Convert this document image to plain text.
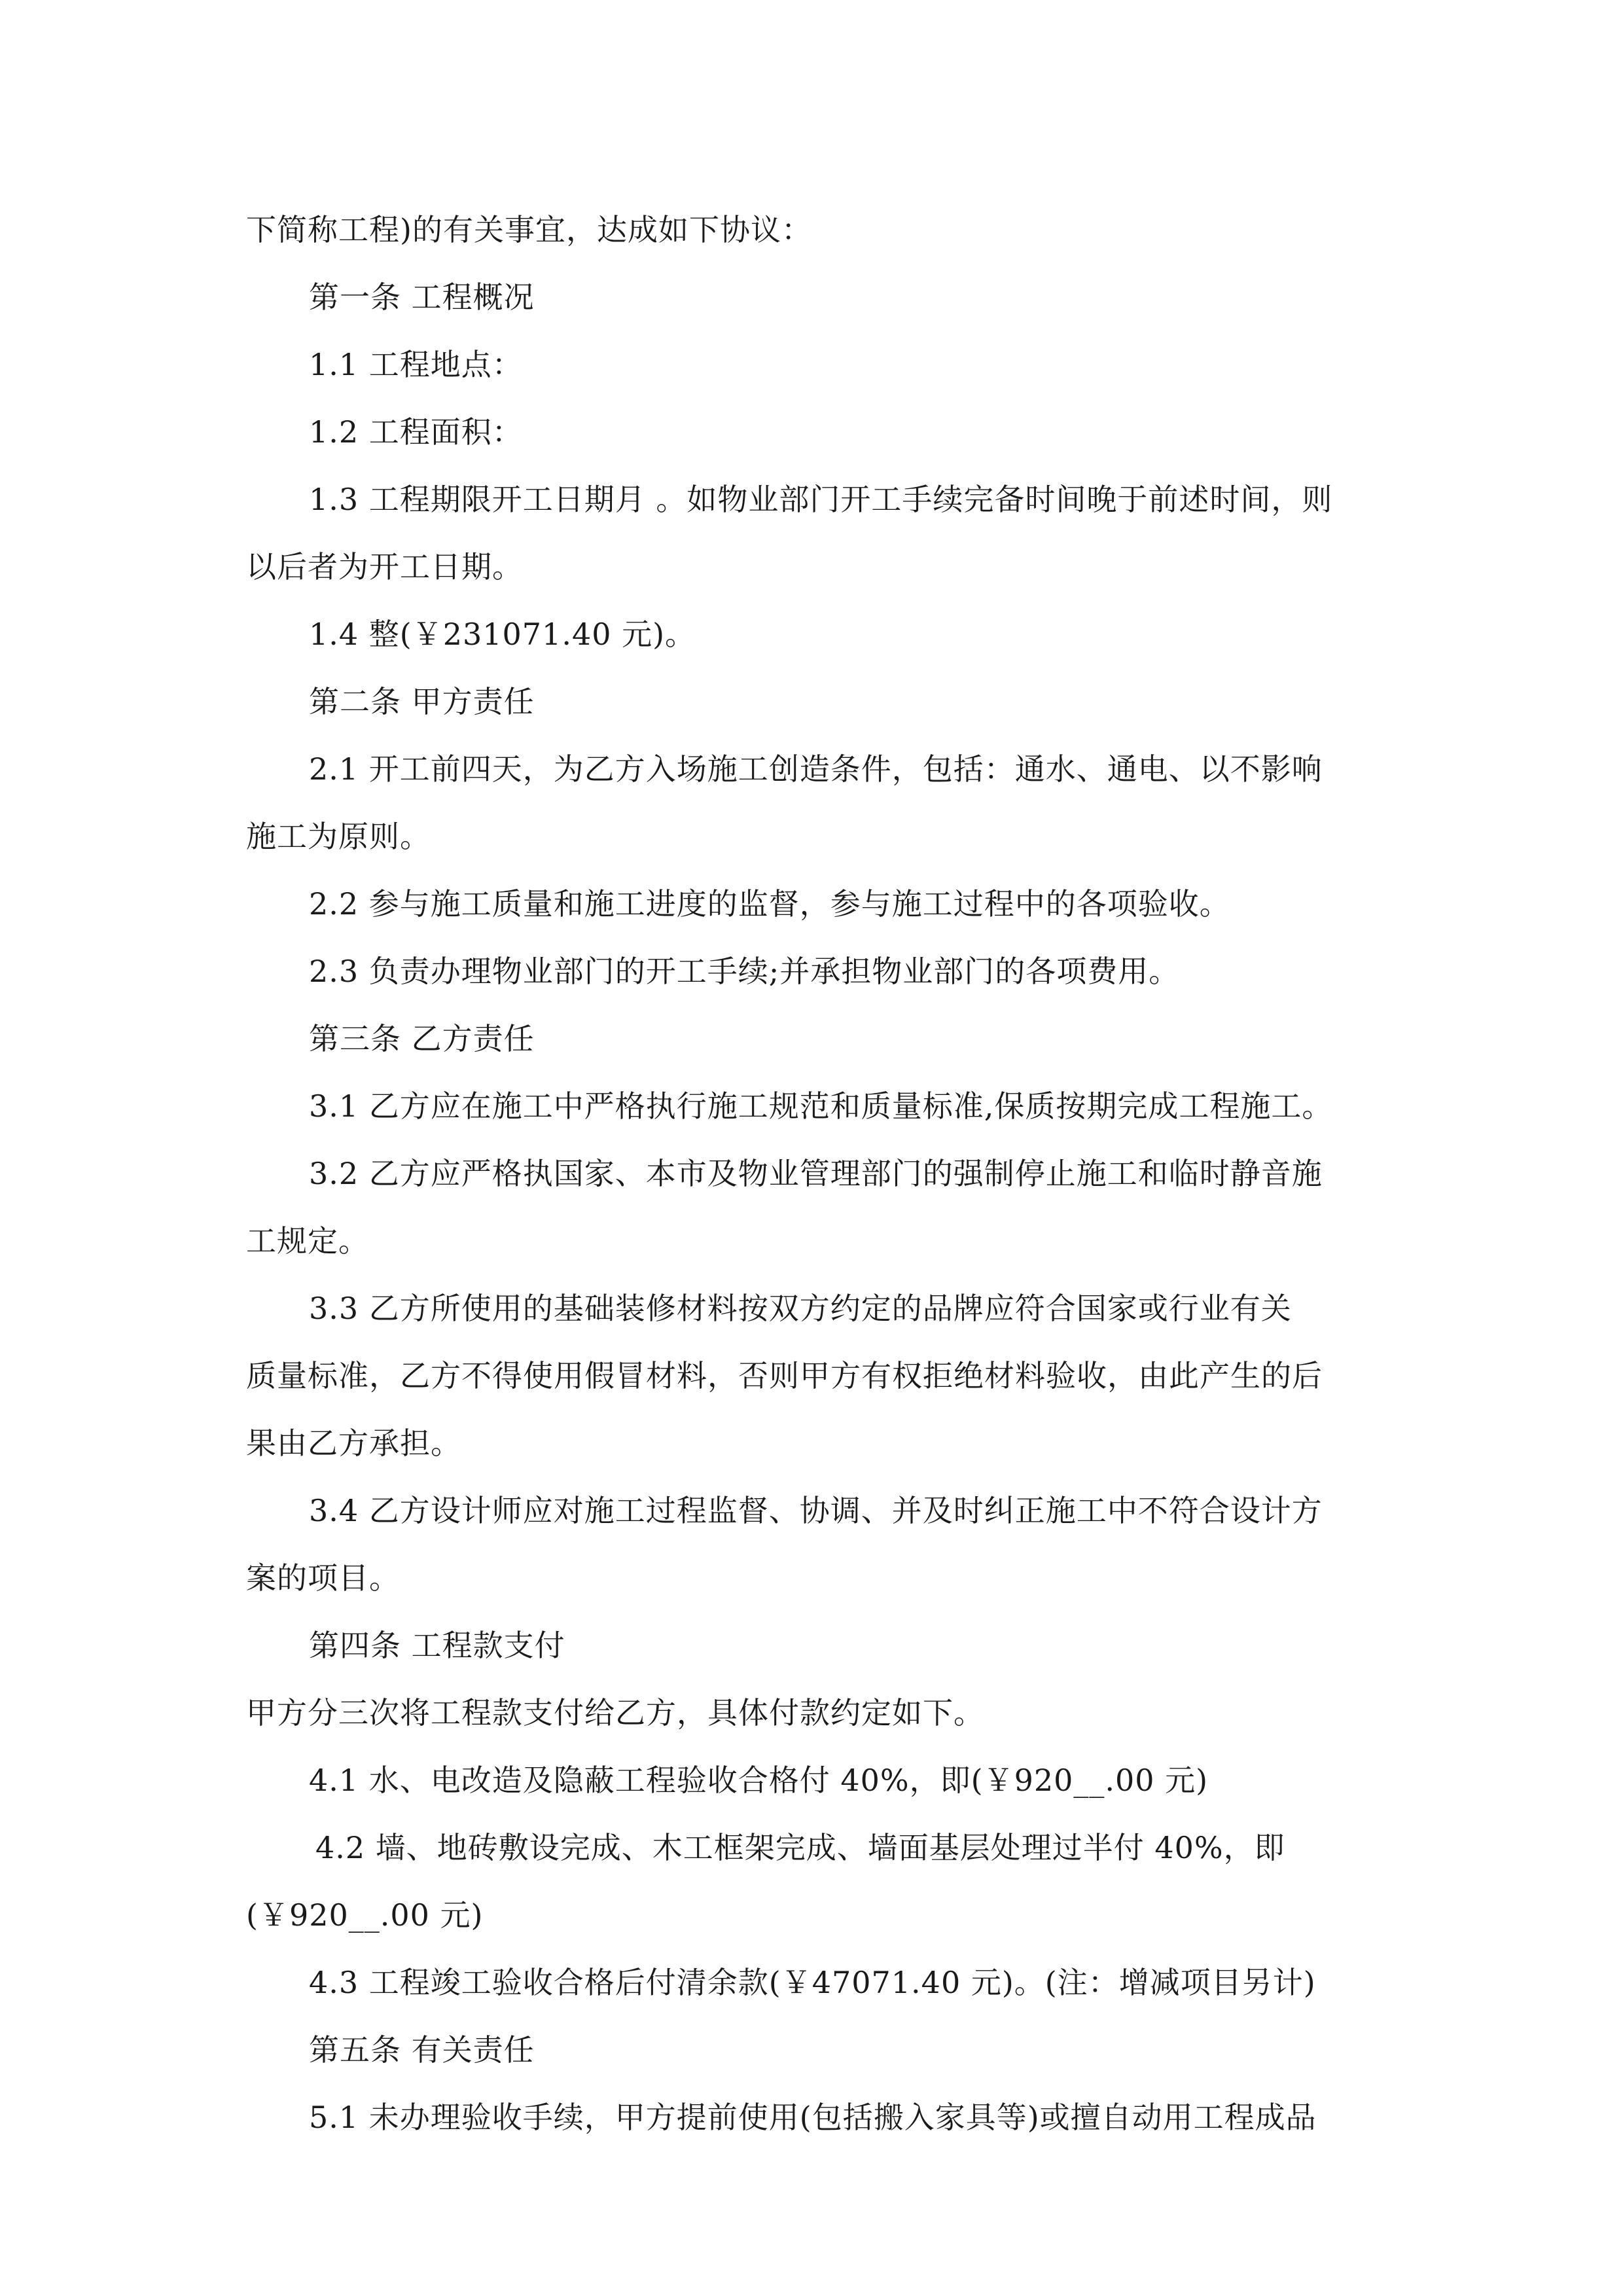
下简称工程)的有关事宜，达成如下协议：
第一条 工程概况
1.1 工程地点：
1.2 工程面积：
1.3 工程期限开工日期月 。如物业部门开工手续完备时间晚于前述时间，则
以后者为开工日期。
1.4 整(￥231071.40 元)。
第二条 甲方责任
2.1 开工前四天，为乙方入场施工创造条件，包括：通水、通电、以不影响
施工为原则。
2.2 参与施工质量和施工进度的监督，参与施工过程中的各项验收。
2.3 负责办理物业部门的开工手续;并承担物业部门的各项费用。
第三条 乙方责任
3.1 乙方应在施工中严格执行施工规范和质量标准,保质按期完成工程施工。
3.2 乙方应严格执国家、本市及物业管理部门的强制停止施工和临时静音施
工规定。
3.3 乙方所使用的基础装修材料按双方约定的品牌应符合国家或行业有关
质量标准，乙方不得使用假冒材料，否则甲方有权拒绝材料验收，由此产生的后
果由乙方承担。
3.4 乙方设计师应对施工过程监督、协调、并及时纠正施工中不符合设计方
案的项目。
第四条 工程款支付
甲方分三次将工程款支付给乙方，具体付款约定如下。
4.1 水、电改造及隐蔽工程验收合格付 40%，即(￥920__.00 元)
4.2 墙、地砖敷设完成、木工框架完成、墙面基层处理过半付 40%，即
(￥920__.00 元)
4.3 工程竣工验收合格后付清余款(￥47071.40 元)。(注：增减项目另计)
第五条 有关责任
5.1 未办理验收手续，甲方提前使用(包括搬入家具等)或擅自动用工程成品
